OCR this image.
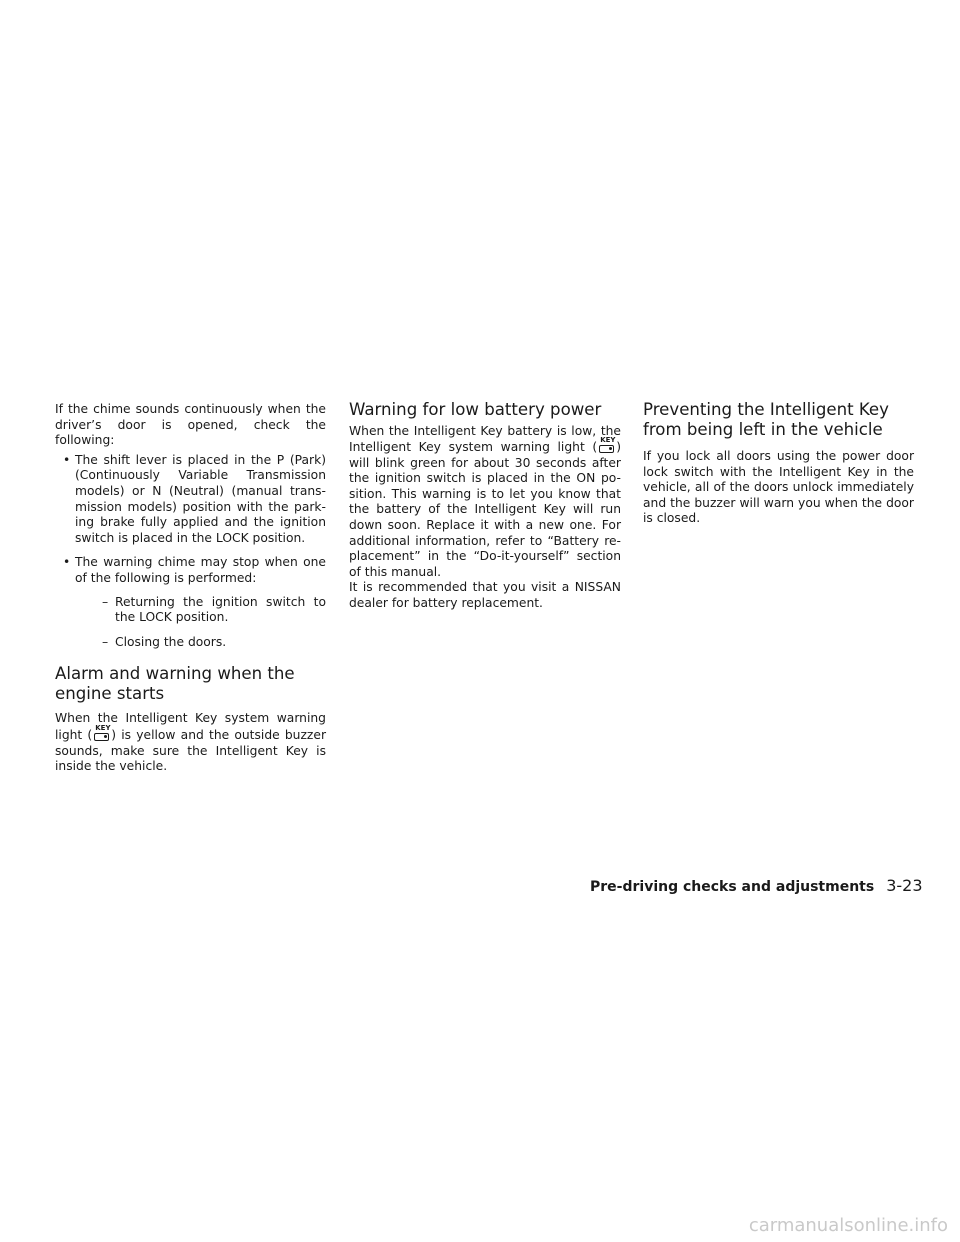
If the chime sounds continuously when the driver’s door is opened, check the following:

• The shift lever is placed in the P (Park) (Continuously Variable Transmission models) or N (Neutral) (manual trans- mission models) position with the park- ing brake fully applied and the ignition switch is placed in the LOCK position.
• The warning chime may stop when one of the following is performed:
– Returning the ignition switch to the LOCK position.
– Closing the doors.
Alarm and warning when the engine starts

When the Intelligent Key system warning light ( KEY ) is yellow and the outside buzzer sounds, make sure the Intelligent Key is inside the vehicle.

Warning for low battery power

When the Intelligent Key battery is low, the Intelligent Key system warning light ( KEY ) will blink green for about 30 seconds after the ignition switch is placed in the ON po- sition. This warning is to let you know that the battery of the Intelligent Key will run down soon. Replace it with a new one. For additional information, refer to “Battery re- placement” in the “Do-it-yourself” section of this manual.

It is recommended that you visit a NISSAN dealer for battery replacement.

Preventing the Intelligent Key from being left in the vehicle

If you lock all doors using the power door lock switch with the Intelligent Key in the vehicle, all of the doors unlock immediately and the buzzer will warn you when the door is closed.

Pre-driving checks and adjustments 3-23
carmanualsonline.info
